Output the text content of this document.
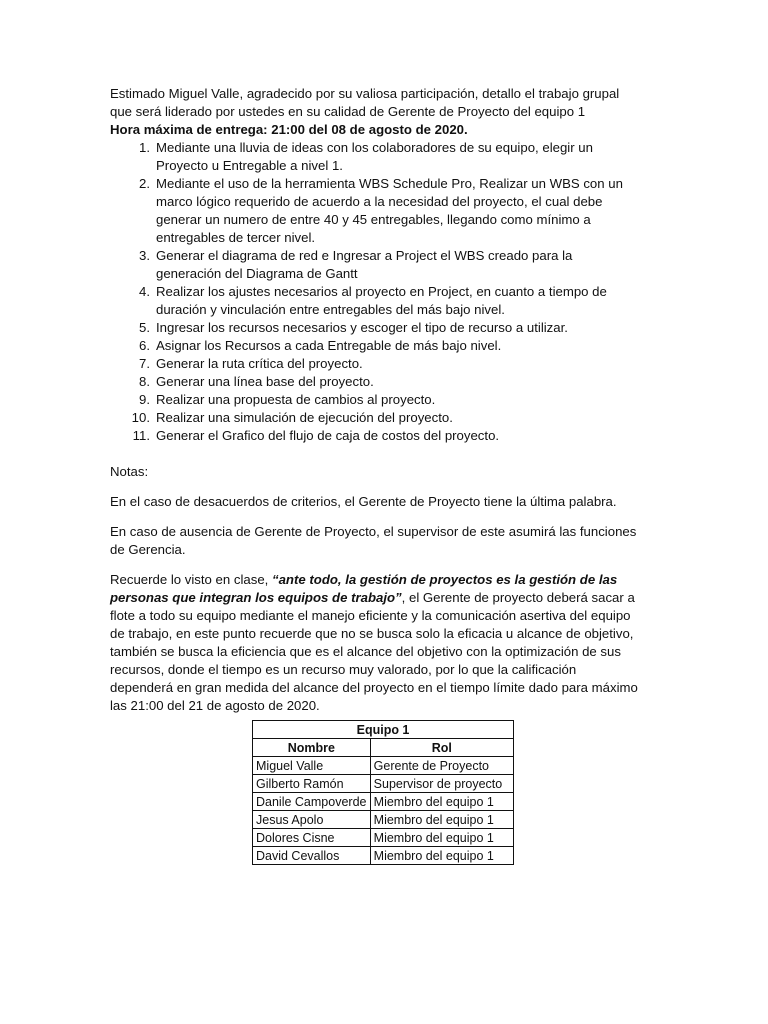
Estimado Miguel Valle, agradecido por su valiosa participación, detallo el trabajo grupal que será liderado por ustedes en su calidad de Gerente de Proyecto del equipo 1

Hora máxima de entrega: 21:00 del 08 de agosto de 2020.

1. Mediante una lluvia de ideas con los colaboradores de su equipo, elegir un Proyecto u Entregable a nivel 1.
2. Mediante el uso de la herramienta WBS Schedule Pro, Realizar un WBS con un marco lógico requerido de acuerdo a la necesidad del proyecto, el cual debe generar un numero de entre 40 y 45 entregables, llegando como mínimo a entregables de tercer nivel.
3. Generar el diagrama de red e Ingresar a Project el WBS creado para la generación del Diagrama de Gantt
4. Realizar los ajustes necesarios al proyecto en Project, en cuanto a tiempo de duración y vinculación entre entregables del más bajo nivel.
5. Ingresar los recursos necesarios y escoger el tipo de recurso a utilizar.
6. Asignar los Recursos a cada Entregable de más bajo nivel.
7. Generar la ruta crítica del proyecto.
8. Generar una línea base del proyecto.
9. Realizar una propuesta de cambios al proyecto.
10. Realizar una simulación de ejecución del proyecto.
11. Generar el Grafico del flujo de caja de costos del proyecto.

Notas:

En el caso de desacuerdos de criterios, el Gerente de Proyecto tiene la última palabra.

En caso de ausencia de Gerente de Proyecto, el supervisor de este asumirá las funciones de Gerencia.

Recuerde lo visto en clase, “ante todo, la gestión de proyectos es la gestión de las personas que integran los equipos de trabajo”, el Gerente de proyecto deberá sacar a flote a todo su equipo mediante el manejo eficiente y la comunicación asertiva del equipo de trabajo, en este punto recuerde que no se busca solo la eficacia u alcance de objetivo, también se busca la eficiencia que es el alcance del objetivo con la optimización de sus recursos, donde el tiempo es un recurso muy valorado, por lo que la calificación dependerá en gran medida del alcance del proyecto en el tiempo límite dado para máximo las 21:00 del 21 de agosto de 2020.

Equipo 1	
Nombre	Rol
Miguel Valle	Gerente de Proyecto
Gilberto Ramón	Supervisor de proyecto
Danile Campoverde	Miembro del equipo 1
Jesus Apolo	Miembro del equipo 1
Dolores Cisne	Miembro del equipo 1
David Cevallos	Miembro del equipo 1
